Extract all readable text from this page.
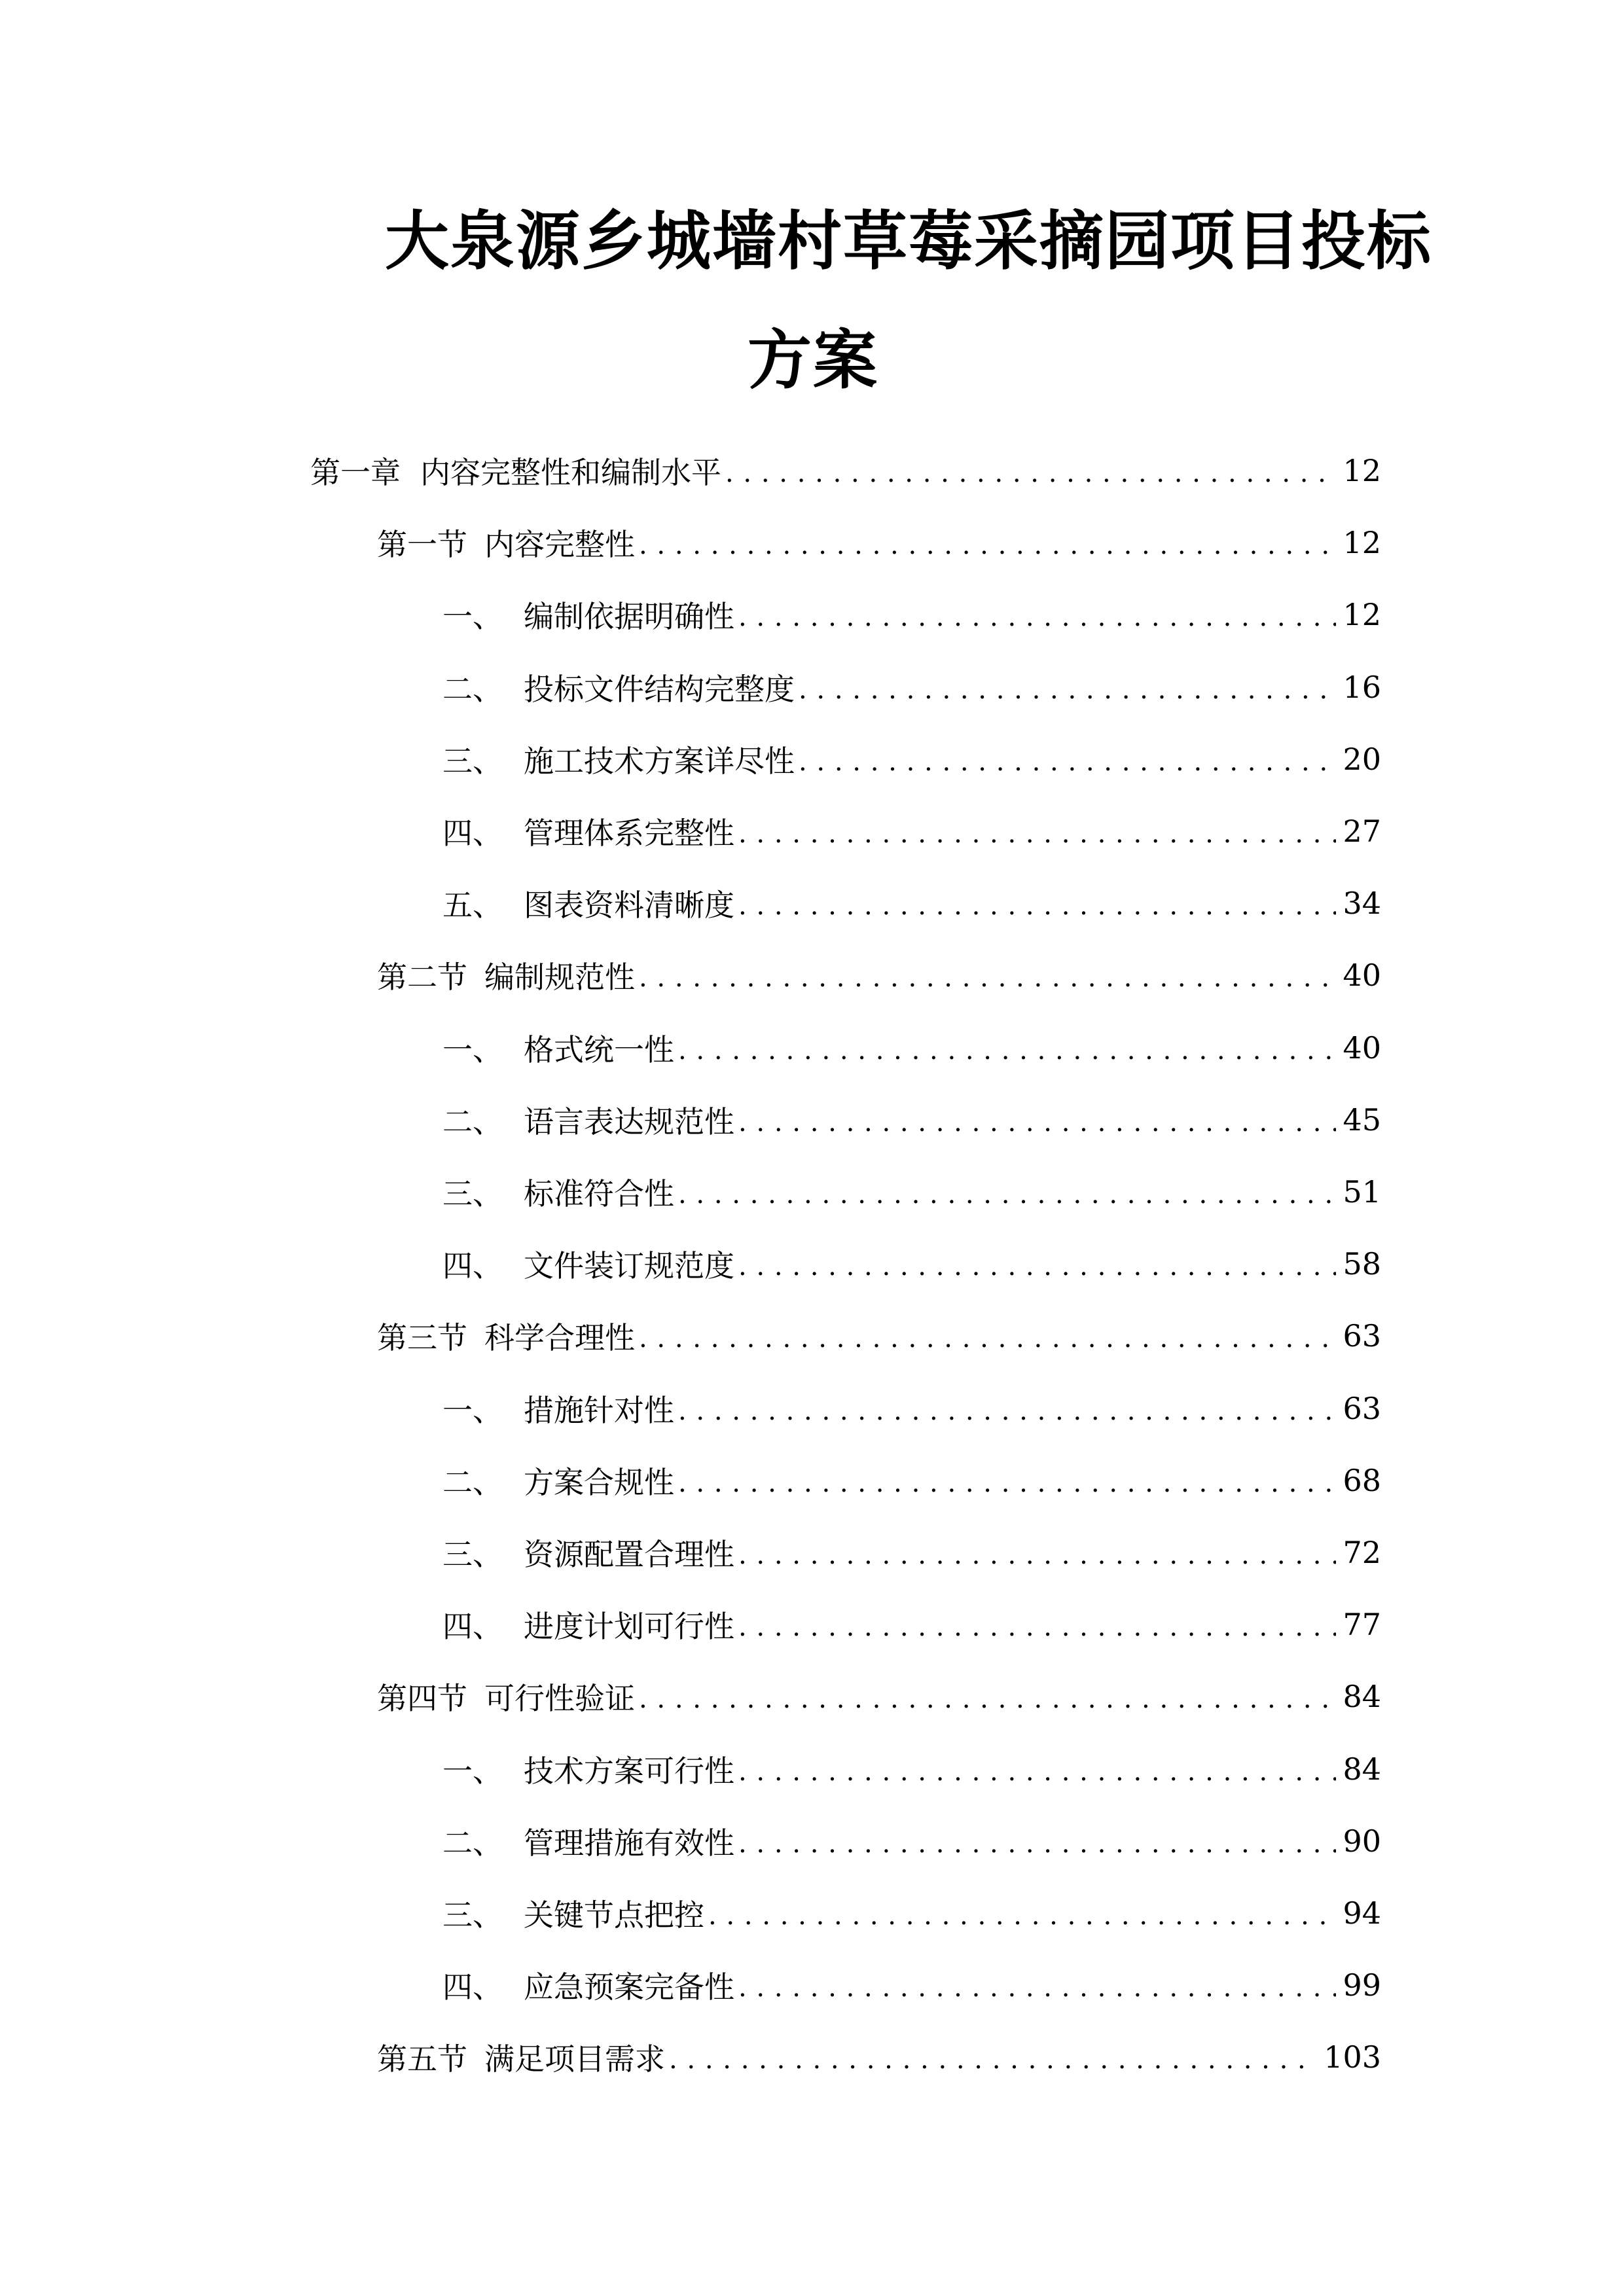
大泉源乡城墙村草莓采摘园项目投标
方案
第一章 内容完整性和编制水平 . . .	12
第一节 内容完整性 . . .	12
一、 编制依据明确性 . . .	12
二、 投标文件结构完整度 . . .	16
三、 施工技术方案详尽性 . . .	20
四、 管理体系完整性 . . .	27
五、 图表资料清晰度 . . .	34
第二节 编制规范性 . . .	40
一、 格式统一性 . . .	40
二、 语言表达规范性 . . .	45
三、 标准符合性 . . .	51
四、 文件装订规范度 . . .	58
第三节 科学合理性 . . .	63
一、 措施针对性 . . .	63
二、 方案合规性 . . .	68
三、 资源配置合理性 . . .	72
四、 进度计划可行性 . . .	77
第四节 可行性验证 . . .	84
一、 技术方案可行性 . . .	84
二、 管理措施有效性 . . .	90
三、 关键节点把控 . . .	94
四、 应急预案完备性 . . .	99
第五节 满足项目需求 . . .	103
